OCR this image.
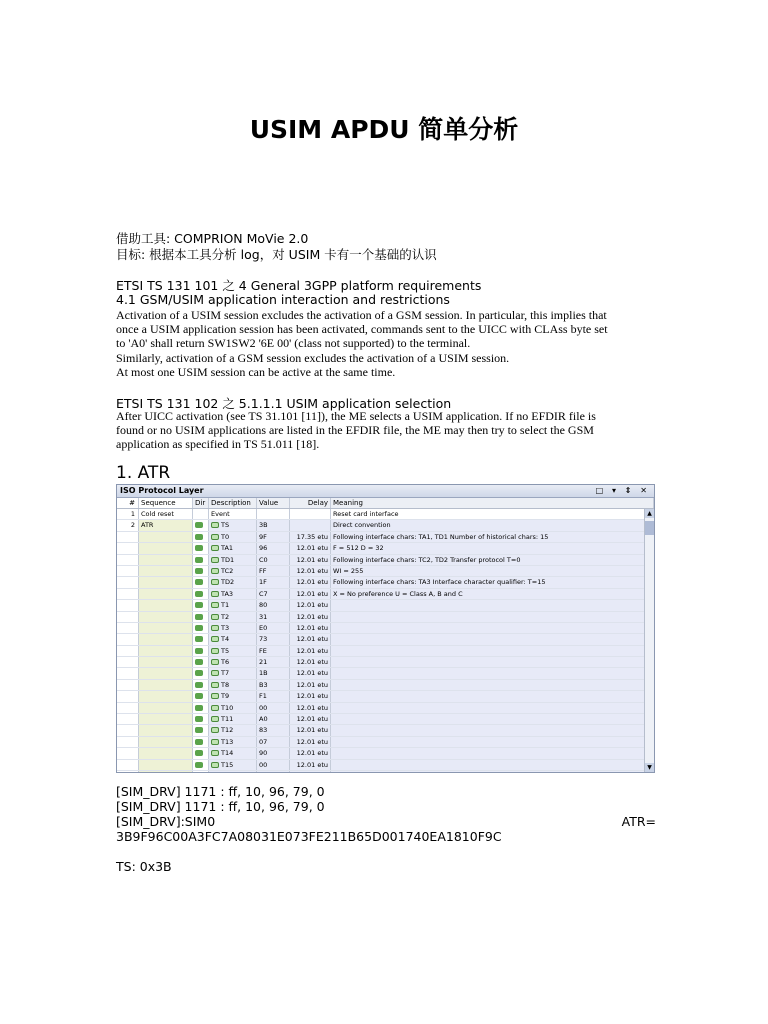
USIM APDU 简单分析
借助工具: COMPRION MoVie 2.0
目标: 根据本工具分析 log，对 USIM 卡有一个基础的认识
ETSI TS 131 101 之 4 General 3GPP platform requirements
4.1 GSM/USIM application interaction and restrictions
Activation of a USIM session excludes the activation of a GSM session. In particular, this implies that
once a USIM application session has been activated, commands sent to the UICC with CLAss byte set
to 'A0' shall return SW1SW2 '6E 00' (class not supported) to the terminal.
Similarly, activation of a GSM session excludes the activation of a USIM session.
At most one USIM session can be active at the same time.
ETSI TS 131 102 之 5.1.1.1 USIM application selection
After UICC activation (see TS 31.101 [11]), the ME selects a USIM application. If no EFDIR file is
found or no USIM applications are listed in the EFDIR file, the ME may then try to select the GSM
application as specified in TS 51.011 [18].
1. ATR
ISO Protocol Layer	□ ▾ ⇕ ✕
# Sequence	Dir Description	Value	Delay Meaning
1 Cold reset	Event	Reset card interface
2 ATR	TS	3B	Direct convention
T0	9F	17.35 etu Following interface chars: TA1, TD1 Number of historical chars: 15
TA1	96	12.01 etu F = 512 D = 32
TD1	C0	12.01 etu Following interface chars: TC2, TD2 Transfer protocol T=0
TC2	FF	12.01 etu WI = 255
TD2	1F	12.01 etu Following interface chars: TA3 Interface character qualifier: T=15
TA3	C7	12.01 etu X = No preference U = Class A, B and C
T1	80	12.01 etu
T2	31	12.01 etu
T3	E0	12.01 etu
T4	73	12.01 etu
T5	FE	12.01 etu
T6	21	12.01 etu
T7	1B	12.01 etu
T8	B3	12.01 etu
T9	F1	12.01 etu
T10	00	12.01 etu
T11	A0	12.01 etu
T12	83	12.01 etu
T13	07	12.01 etu
T14	90	12.01 etu
T15	00	12.01 etu
▲
▼
[SIM_DRV] 1171 : ff, 10, 96, 79, 0
[SIM_DRV] 1171 : ff, 10, 96, 79, 0
[SIM_DRV]:SIM0	ATR=
3B9F96C00A3FC7A08031E073FE211B65D001740EA1810F9C
TS: 0x3B
